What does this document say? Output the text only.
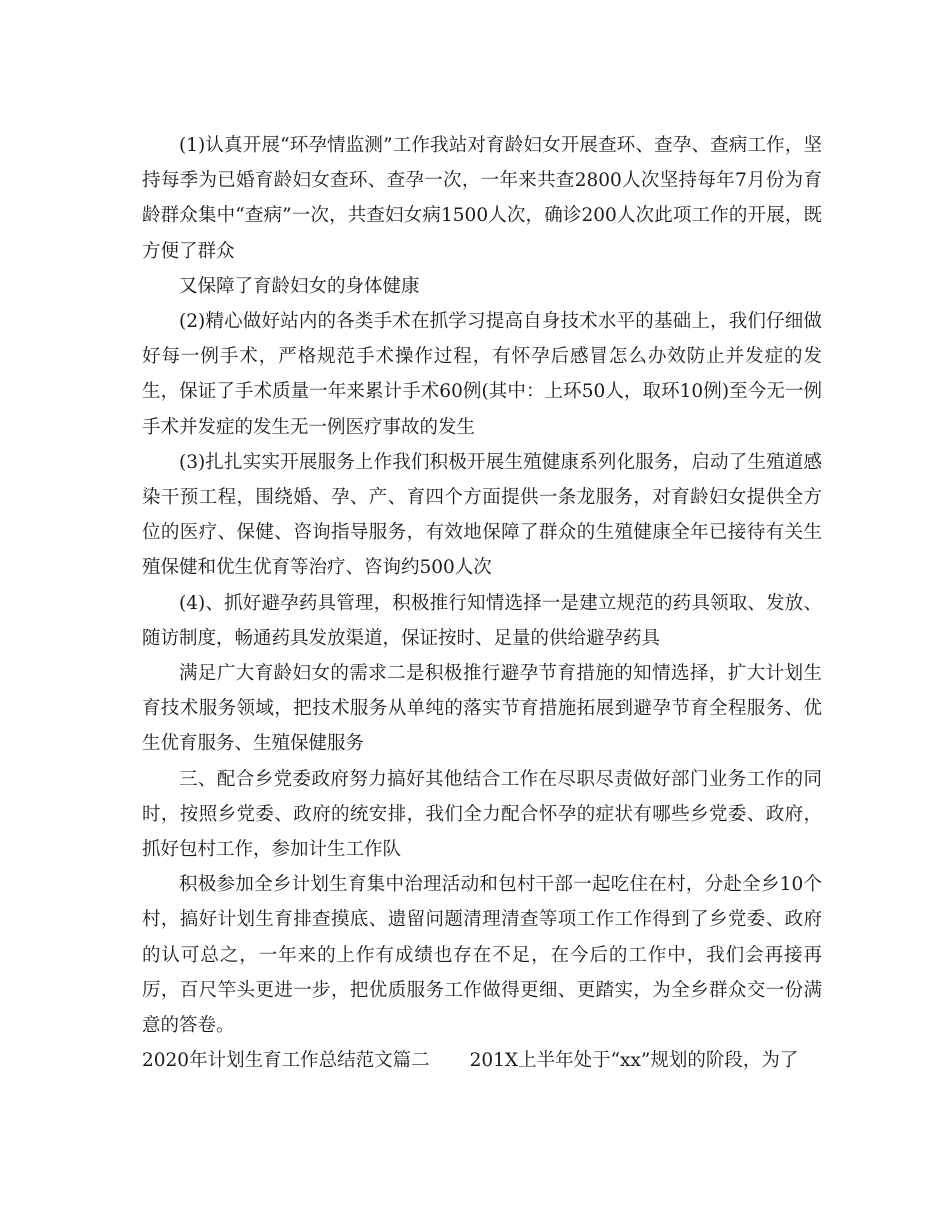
(1)认真开展“环孕情监测”工作我站对育龄妇女开展查环、查孕、查病工作，坚持每季为已婚育龄妇女查环、查孕一次，一年来共查2800人次坚持每年7月份为育龄群众集中“查病”一次，共查妇女病1500人次，确诊200人次此项工作的开展，既方便了群众

又保障了育龄妇女的身体健康

(2)精心做好站内的各类手术在抓学习提高自身技术水平的基础上，我们仔细做好每一例手术，严格规范手术操作过程，有怀孕后感冒怎么办效防止并发症的发生，保证了手术质量一年来累计手术60例(其中：上环50人，取环10例)至今无一例手术并发症的发生无一例医疗事故的发生

(3)扎扎实实开展服务上作我们积极开展生殖健康系列化服务，启动了生殖道感染干预工程，围绕婚、孕、产、育四个方面提供一条龙服务，对育龄妇女提供全方位的医疗、保健、咨询指导服务，有效地保障了群众的生殖健康全年已接待有关生殖保健和优生优育等治疗、咨询约500人次

(4)、抓好避孕药具管理，积极推行知情选择一是建立规范的药具领取、发放、随访制度，畅通药具发放渠道，保证按时、足量的供给避孕药具

满足广大育龄妇女的需求二是积极推行避孕节育措施的知情选择，扩大计划生育技术服务领域，把技术服务从单纯的落实节育措施拓展到避孕节育全程服务、优生优育服务、生殖保健服务

三、配合乡党委政府努力搞好其他结合工作在尽职尽责做好部门业务工作的同时，按照乡党委、政府的统安排，我们全力配合怀孕的症状有哪些乡党委、政府，抓好包村工作，参加计生工作队

积极参加全乡计划生育集中治理活动和包村干部一起吃住在村，分赴全乡10个村，搞好计划生育排查摸底、遗留问题清理清查等项工作工作得到了乡党委、政府的认可总之，一年来的上作有成绩也存在不足，在今后的工作中，我们会再接再厉，百尺竿头更进一步，把优质服务工作做得更细、更踏实，为全乡群众交一份满意的答卷。

2020年计划生育工作总结范文篇二 201X上半年处于“xx”规划的阶段，为了
